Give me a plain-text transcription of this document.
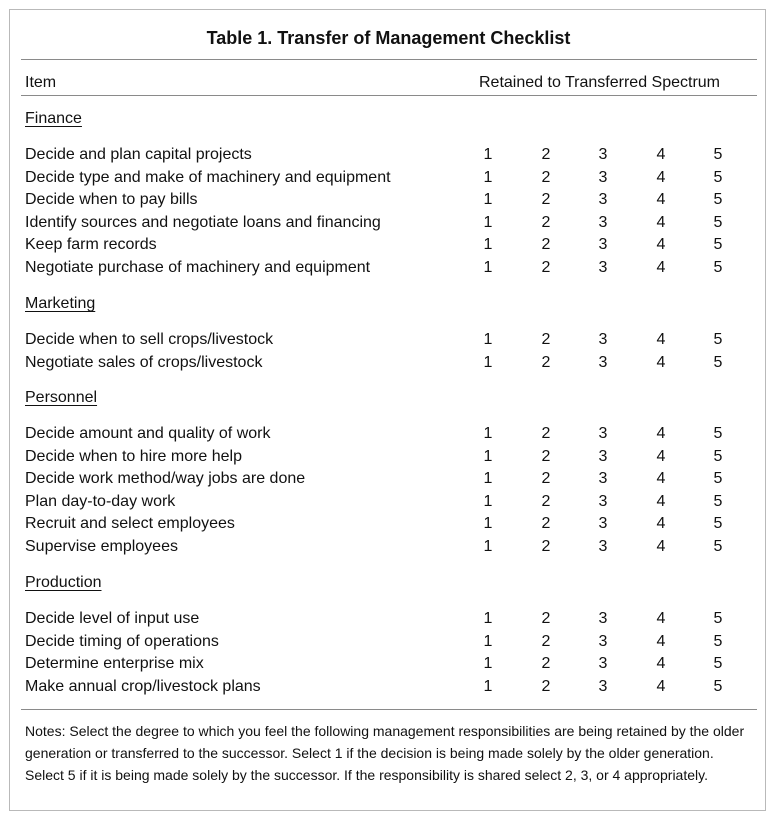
Table 1. Transfer of Management Checklist
Item	Retained to Transferred Spectrum
Finance
Decide and plan capital projects	1	2	3	4	5
Decide type and make of machinery and equipment	1	2	3	4	5
Decide when to pay bills	1	2	3	4	5
Identify sources and negotiate loans and financing	1	2	3	4	5
Keep farm records	1	2	3	4	5
Negotiate purchase of machinery and equipment	1	2	3	4	5
Marketing
Decide when to sell crops/livestock	1	2	3	4	5
Negotiate sales of crops/livestock	1	2	3	4	5
Personnel
Decide amount and quality of work	1	2	3	4	5
Decide when to hire more help	1	2	3	4	5
Decide work method/way jobs are done	1	2	3	4	5
Plan day-to-day work	1	2	3	4	5
Recruit and select employees	1	2	3	4	5
Supervise employees	1	2	3	4	5
Production
Decide level of input use	1	2	3	4	5
Decide timing of operations	1	2	3	4	5
Determine enterprise mix	1	2	3	4	5
Make annual crop/livestock plans	1	2	3	4	5
Notes: Select the degree to which you feel the following management responsibilities are being retained by the older generation or transferred to the successor. Select 1 if the decision is being made solely by the older generation. Select 5 if it is being made solely by the successor. If the responsibility is shared select 2, 3, or 4 appropriately.
